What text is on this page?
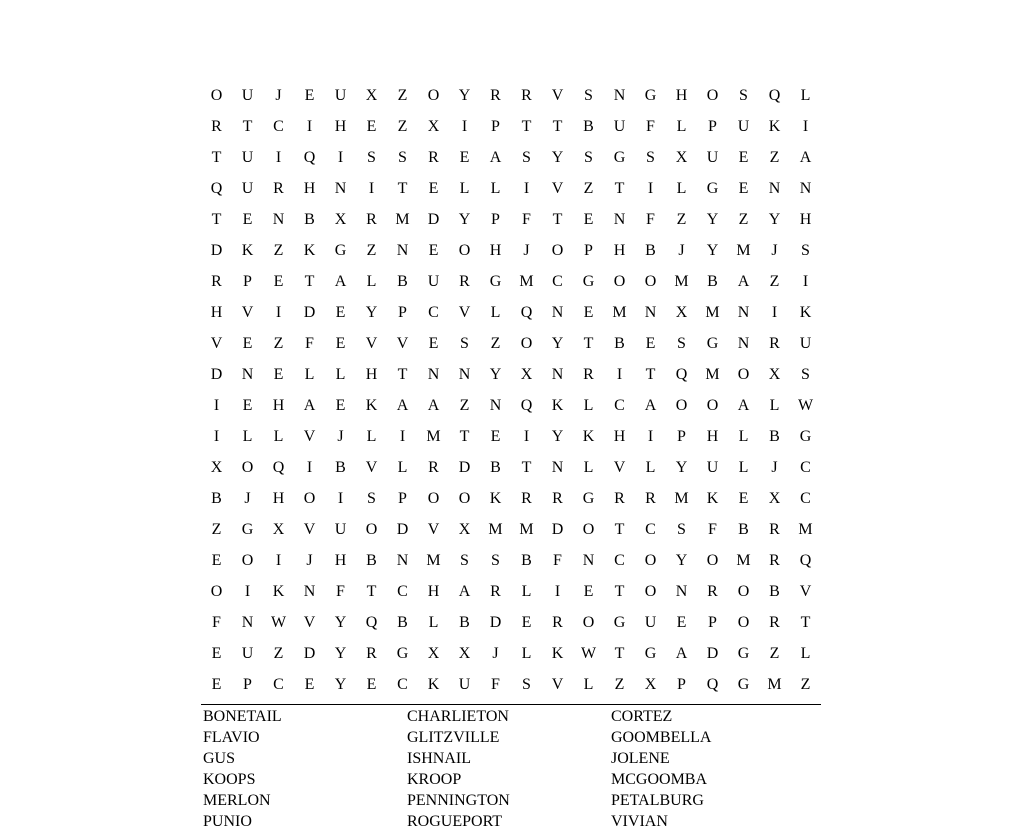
O	U	J	E	U	X	Z	O	Y	R	R	V	S	N	G	H	O	S	Q	L
R	T	C	I	H	E	Z	X	I	P	T	T	B	U	F	L	P	U	K	I
T	U	I	Q	I	S	S	R	E	A	S	Y	S	G	S	X	U	E	Z	A
Q	U	R	H	N	I	T	E	L	L	I	V	Z	T	I	L	G	E	N	N
T	E	N	B	X	R	M	D	Y	P	F	T	E	N	F	Z	Y	Z	Y	H
D	K	Z	K	G	Z	N	E	O	H	J	O	P	H	B	J	Y	M	J	S
R	P	E	T	A	L	B	U	R	G	M	C	G	O	O	M	B	A	Z	I
H	V	I	D	E	Y	P	C	V	L	Q	N	E	M	N	X	M	N	I	K
V	E	Z	F	E	V	V	E	S	Z	O	Y	T	B	E	S	G	N	R	U
D	N	E	L	L	H	T	N	N	Y	X	N	R	I	T	Q	M	O	X	S
I	E	H	A	E	K	A	A	Z	N	Q	K	L	C	A	O	O	A	L	W
I	L	L	V	J	L	I	M	T	E	I	Y	K	H	I	P	H	L	B	G
X	O	Q	I	B	V	L	R	D	B	T	N	L	V	L	Y	U	L	J	C
B	J	H	O	I	S	P	O	O	K	R	R	G	R	R	M	K	E	X	C
Z	G	X	V	U	O	D	V	X	M	M	D	O	T	C	S	F	B	R	M
E	O	I	J	H	B	N	M	S	S	B	F	N	C	O	Y	O	M	R	Q
O	I	K	N	F	T	C	H	A	R	L	I	E	T	O	N	R	O	B	V
F	N	W	V	Y	Q	B	L	B	D	E	R	O	G	U	E	P	O	R	T
E	U	Z	D	Y	R	G	X	X	J	L	K	W	T	G	A	D	G	Z	L
E	P	C	E	Y	E	C	K	U	F	S	V	L	Z	X	P	Q	G	M	Z
BONETAIL	CHARLIETON	CORTEZ
FLAVIO	GLITZVILLE	GOOMBELLA
GUS	ISHNAIL	JOLENE
KOOPS	KROOP	MCGOOMBA
MERLON	PENNINGTON	PETALBURG
PUNIO	ROGUEPORT	VIVIAN
